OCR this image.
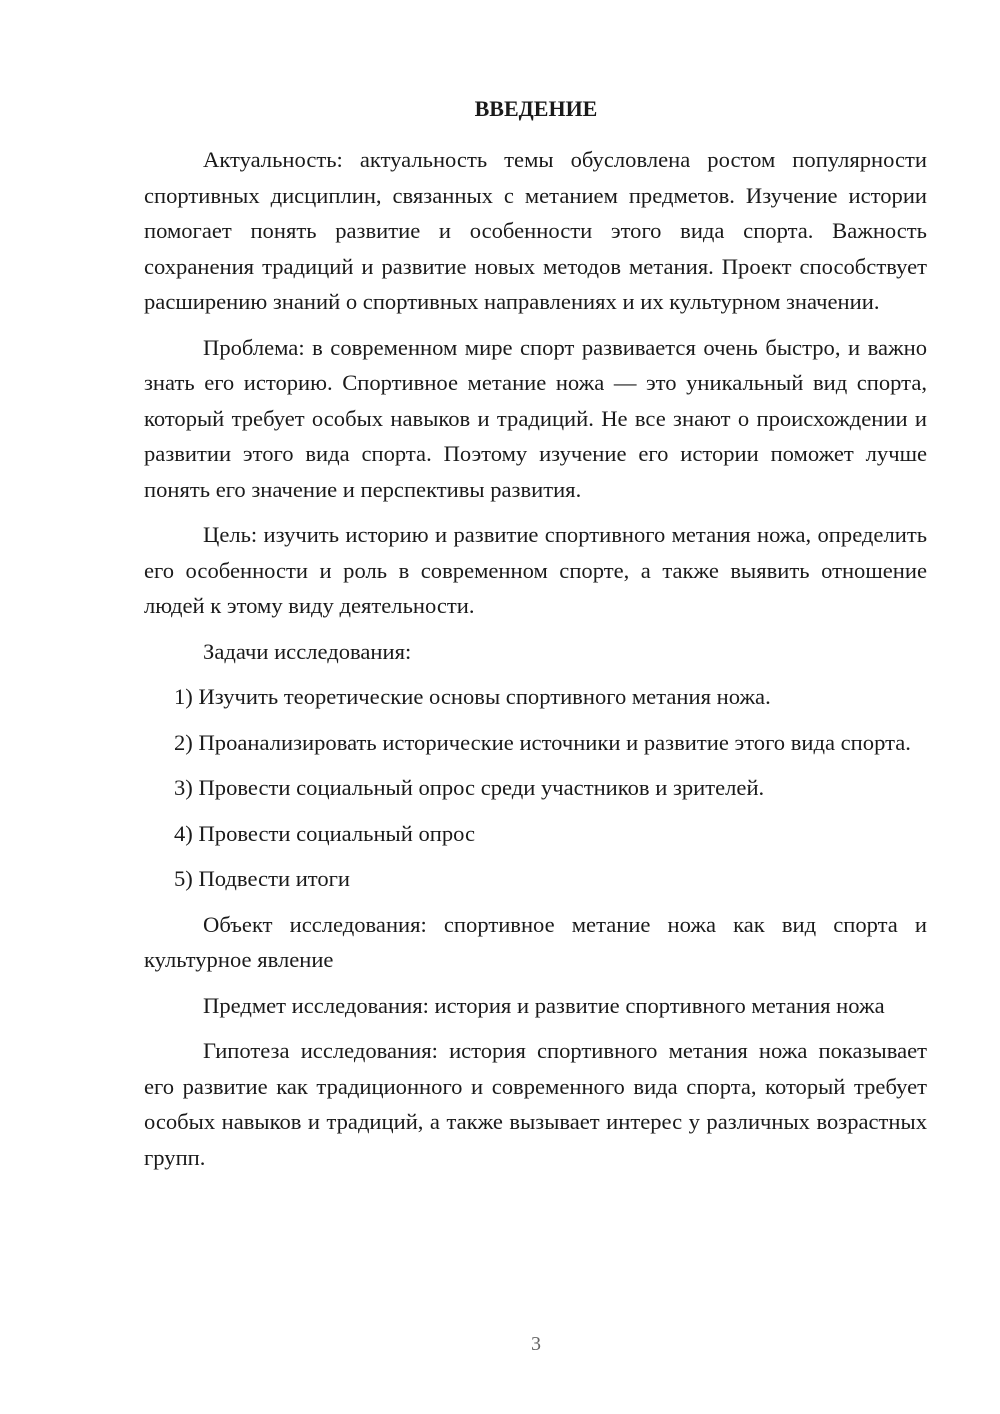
ВВЕДЕНИЕ

Актуальность: актуальность темы обусловлена ростом популярности спортивных дисциплин, связанных с метанием предметов. Изучение истории помогает понять развитие и особенности этого вида спорта. Важность сохранения традиций и развитие новых методов метания. Проект способствует расширению знаний о спортивных направлениях и их культурном значении.

Проблема: в современном мире спорт развивается очень быстро, и важно знать его историю. Спортивное метание ножа — это уникальный вид спорта, который требует особых навыков и традиций. Не все знают о происхождении и развитии этого вида спорта. Поэтому изучение его истории поможет лучше понять его значение и перспективы развития.

Цель: изучить историю и развитие спортивного метания ножа, определить его особенности и роль в современном спорте, а также выявить отношение людей к этому виду деятельности.

Задачи исследования:

1) Изучить теоретические основы спортивного метания ножа.

2) Проанализировать исторические источники и развитие этого вида спорта.

3) Провести социальный опрос среди участников и зрителей.

4) Провести социальный опрос

5) Подвести итоги

Объект исследования: спортивное метание ножа как вид спорта и культурное явление

Предмет исследования: история и развитие спортивного метания ножа

Гипотеза исследования: история спортивного метания ножа показывает его развитие как традиционного и современного вида спорта, который требует особых навыков и традиций, а также вызывает интерес у различных возрастных групп.

3
